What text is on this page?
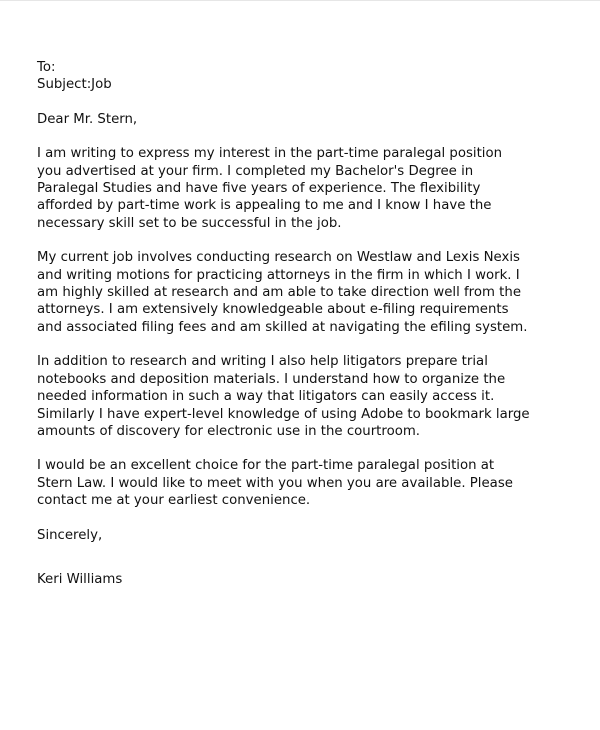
To:
Subject:Job
Dear Mr. Stern,
I am writing to express my interest in the part-time paralegal position
you advertised at your firm. I completed my Bachelor's Degree in
Paralegal Studies and have five years of experience. The flexibility
afforded by part-time work is appealing to me and I know I have the
necessary skill set to be successful in the job.
My current job involves conducting research on Westlaw and Lexis Nexis
and writing motions for practicing attorneys in the firm in which I work. I
am highly skilled at research and am able to take direction well from the
attorneys. I am extensively knowledgeable about e-filing requirements
and associated filing fees and am skilled at navigating the efiling system.
In addition to research and writing I also help litigators prepare trial
notebooks and deposition materials. I understand how to organize the
needed information in such a way that litigators can easily access it.
Similarly I have expert-level knowledge of using Adobe to bookmark large
amounts of discovery for electronic use in the courtroom.
I would be an excellent choice for the part-time paralegal position at
Stern Law. I would like to meet with you when you are available. Please
contact me at your earliest convenience.
Sincerely,
Keri Williams
